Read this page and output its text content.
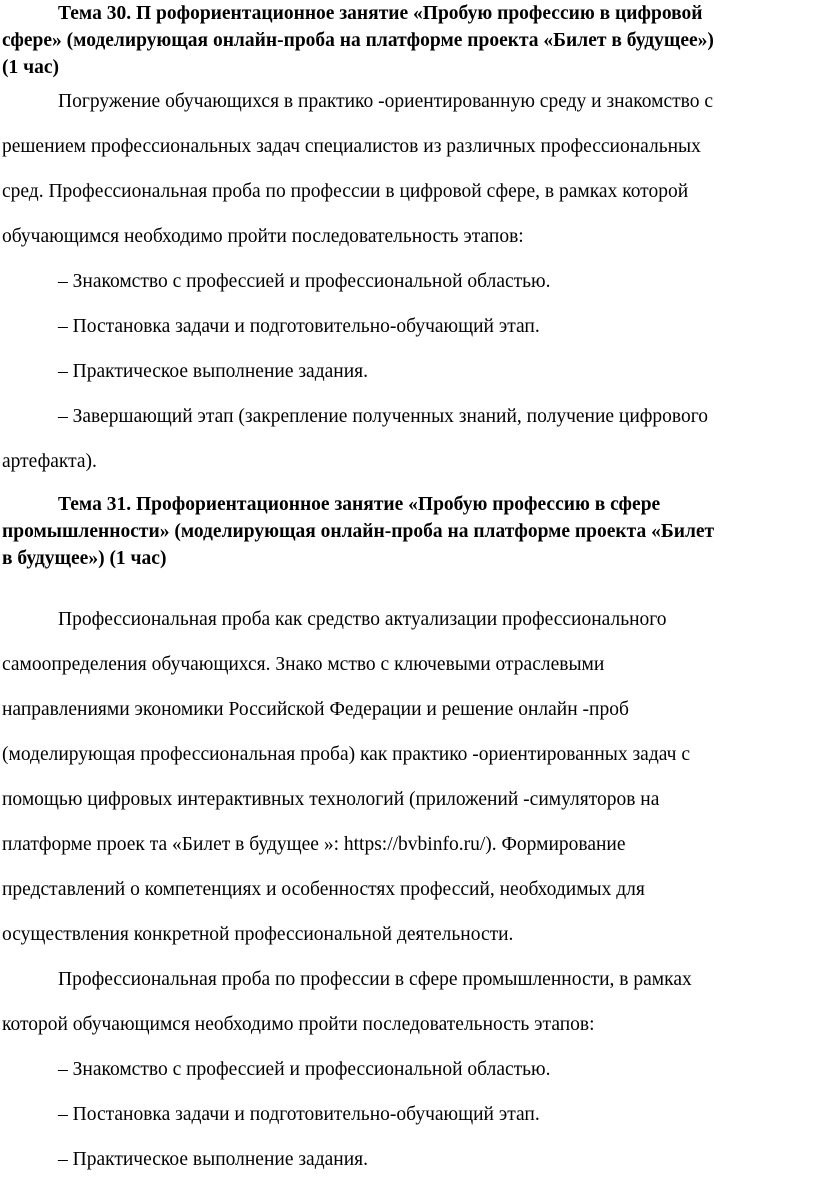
Тема 30. П рофориентационное занятие «Пробую профессию в цифровой
сфере» (моделирующая онлайн-проба на платформе проекта «Билет в будущее»)
(1 час)
Погружение обучающихся в практико -ориентированную среду и знакомство с
решением профессиональных задач специалистов из различных профессиональных
сред. Профессиональная проба по профессии в цифровой сфере, в рамках которой
обучающимся необходимо пройти последовательность этапов:
– Знакомство с профессией и профессиональной областью.
– Постановка задачи и подготовительно-обучающий этап.
– Практическое выполнение задания.
– Завершающий этап (закрепление полученных знаний, получение цифрового
артефакта).
Тема 31. Профориентационное занятие «Пробую профессию в сфере
промышленности» (моделирующая онлайн-проба на платформе проекта «Билет
в будущее») (1 час)
Профессиональная проба как средство актуализации профессионального
самоопределения обучающихся. Знако мство с ключевыми отраслевыми
направлениями экономики Российской Федерации и решение онлайн -проб
(моделирующая профессиональная проба) как практико -ориентированных задач с
помощью цифровых интерактивных технологий (приложений -симуляторов на
платформе проек та «Билет в будущее »: https://bvbinfo.ru/). Формирование
представлений о компетенциях и особенностях профессий, необходимых для
осуществления конкретной профессиональной деятельности.
Профессиональная проба по профессии в сфере промышленности, в рамках
которой обучающимся необходимо пройти последовательность этапов:
– Знакомство с профессией и профессиональной областью.
– Постановка задачи и подготовительно-обучающий этап.
– Практическое выполнение задания.
